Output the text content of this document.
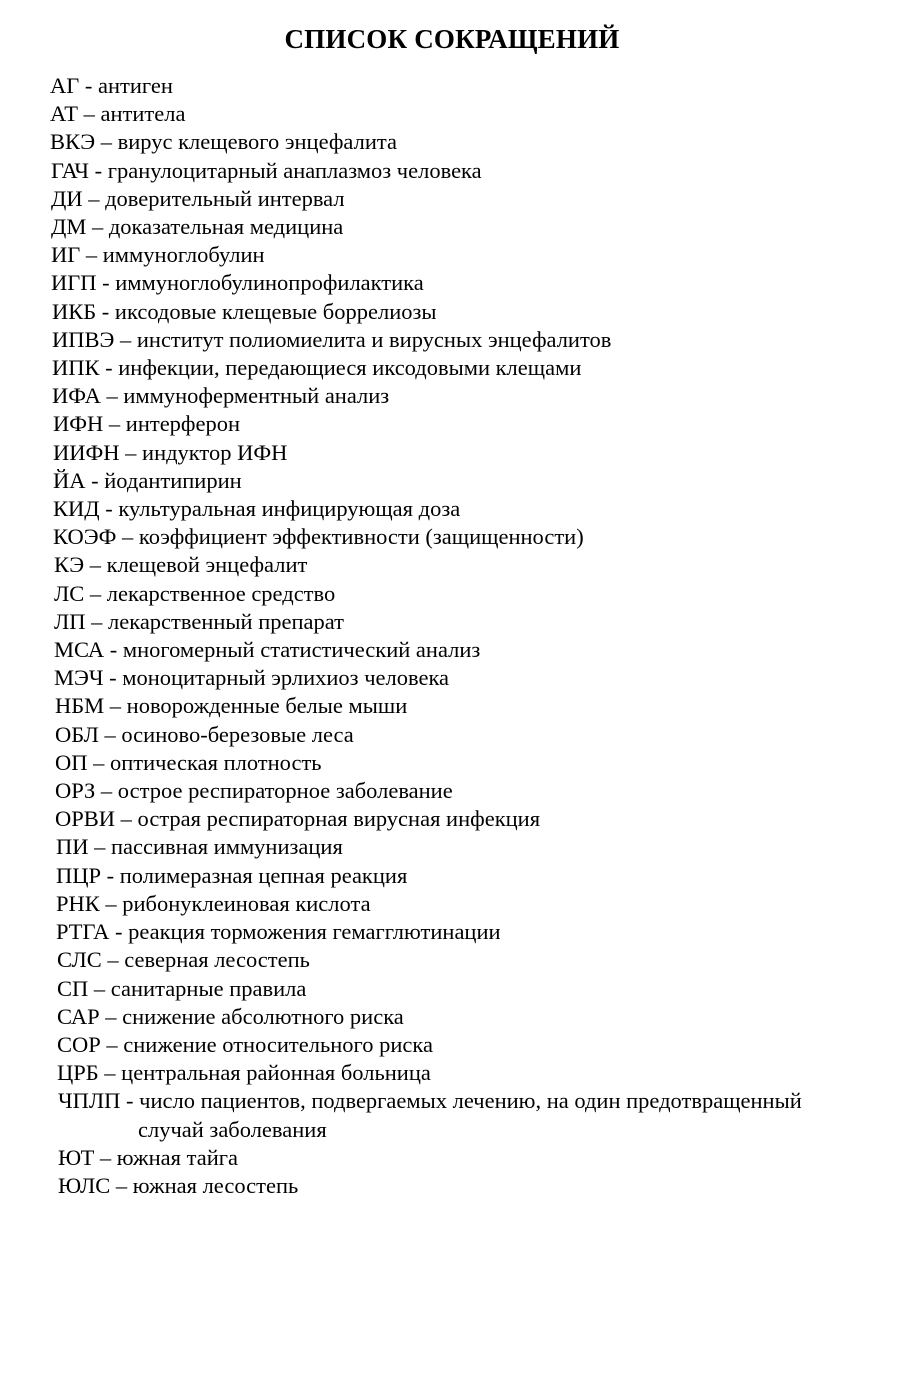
СПИСОК СОКРАЩЕНИЙ
АГ - антиген
АТ – антитела
ВКЭ – вирус клещевого энцефалита
ГАЧ - гранулоцитарный анаплазмоз человека
ДИ – доверительный интервал
ДМ – доказательная медицина
ИГ – иммуноглобулин
ИГП - иммуноглобулинопрофилактика
ИКБ - иксодовые клещевые боррелиозы
ИПВЭ – институт полиомиелита и вирусных энцефалитов
ИПК - инфекции, передающиеся иксодовыми клещами
ИФА – иммуноферментный анализ
ИФН – интерферон
ИИФН – индуктор ИФН
ЙА - йодантипирин
КИД - культуральная инфицирующая доза
КОЭФ – коэффициент эффективности (защищенности)
КЭ – клещевой энцефалит
ЛС – лекарственное средство
ЛП – лекарственный препарат
МСА - многомерный статистический анализ
МЭЧ - моноцитарный эрлихиоз человека
НБМ – новорожденные белые мыши
ОБЛ – осиново-березовые леса
ОП – оптическая плотность
ОРЗ – острое респираторное заболевание
ОРВИ – острая респираторная вирусная инфекция
ПИ – пассивная иммунизация
ПЦР - полимеразная цепная реакция
РНК – рибонуклеиновая кислота
РТГА - реакция торможения гемагглютинации
СЛС – северная лесостепь
СП – санитарные правила
САР – снижение абсолютного риска
СОР – снижение относительного риска
ЦРБ – центральная районная больница
ЧПЛП - число пациентов, подвергаемых лечению, на один предотвращенный
случай заболевания
ЮТ – южная тайга
ЮЛС – южная лесостепь
